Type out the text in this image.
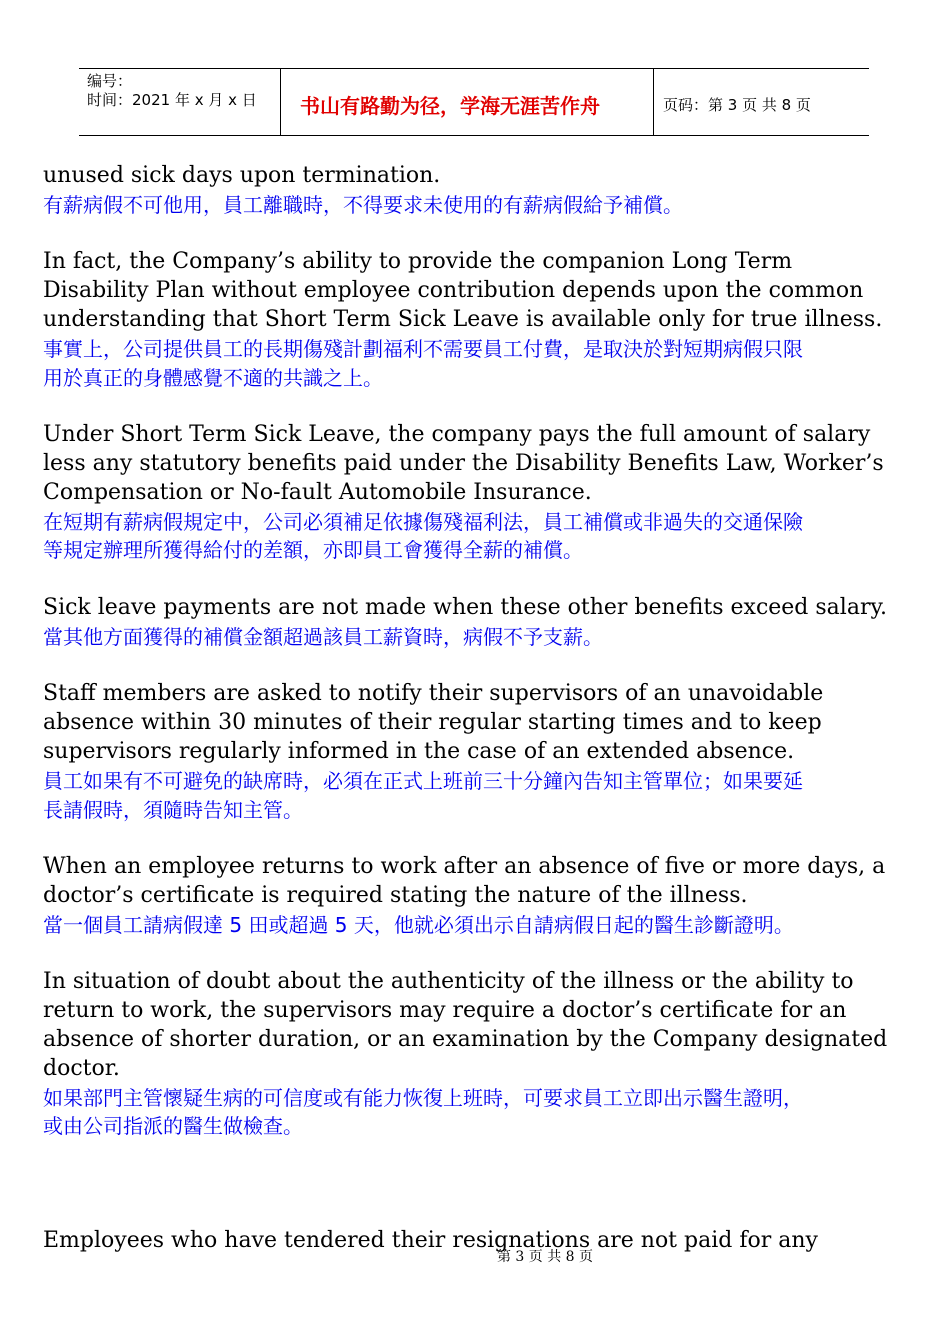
编号：
时间：2021 年 x 月 x 日	书山有路勤为径，学海无涯苦作舟	页码：第 3 页 共 8 页
unused sick days upon termination.
有薪病假不可他用，員工離職時，不得要求未使用的有薪病假給予補償。
In fact, the Company’s ability to provide the companion Long Term
Disability Plan without employee contribution depends upon the common
understanding that Short Term Sick Leave is available only for true illness.
事實上，公司提供員工的長期傷殘計劃福利不需要員工付費，是取決於對短期病假只限
用於真正的身體感覺不適的共識之上。
Under Short Term Sick Leave, the company pays the full amount of salary
less any statutory benefits paid under the Disability Benefits Law, Worker’s
Compensation or No-fault Automobile Insurance.
在短期有薪病假規定中，公司必須補足依據傷殘福利法，員工補償或非過失的交通保險
等規定辦理所獲得給付的差額，亦即員工會獲得全薪的補償。
Sick leave payments are not made when these other benefits exceed salary.
當其他方面獲得的補償金額超過該員工薪資時，病假不予支薪。
Staff members are asked to notify their supervisors of an unavoidable
absence within 30 minutes of their regular starting times and to keep
supervisors regularly informed in the case of an extended absence.
員工如果有不可避免的缺席時，必須在正式上班前三十分鐘內告知主管單位；如果要延
長請假時，須隨時告知主管。
When an employee returns to work after an absence of five or more days, a
doctor’s certificate is required stating the nature of the illness.
當一個員工請病假達 5 田或超過 5 天，他就必須出示自請病假日起的醫生診斷證明。
In situation of doubt about the authenticity of the illness or the ability to
return to work, the supervisors may require a doctor’s certificate for an
absence of shorter duration, or an examination by the Company designated
doctor.
如果部門主管懷疑生病的可信度或有能力恢復上班時，可要求員工立即出示醫生證明，
或由公司指派的醫生做檢查。
Employees who have tendered their resignations are not paid for any
第 3 页 共 8 页
